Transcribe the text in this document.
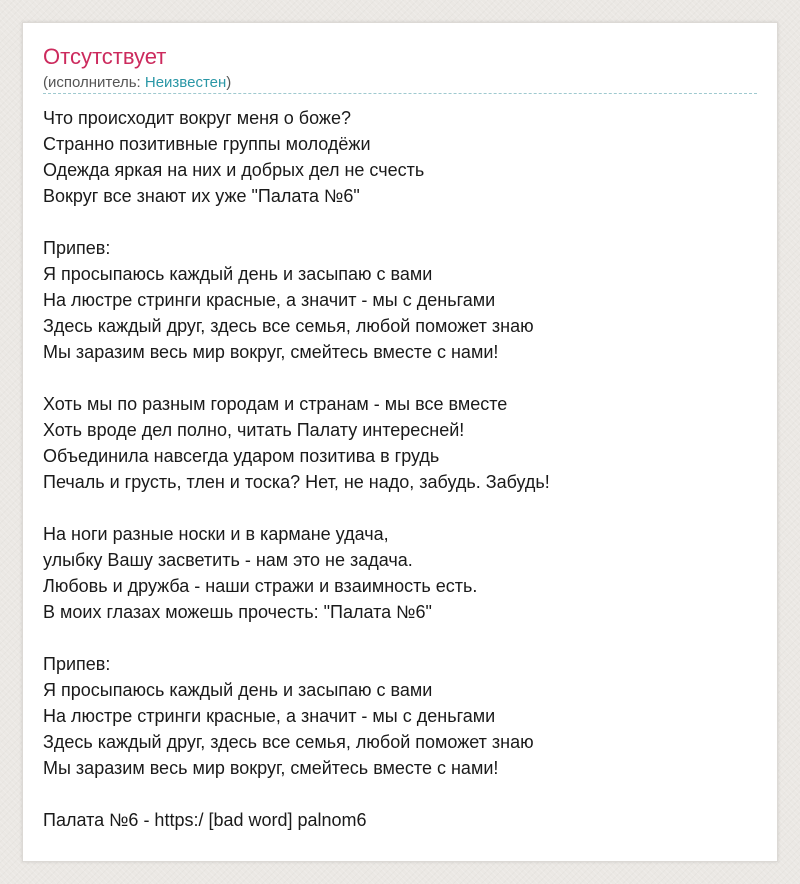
Отсутствует
(исполнитель: Неизвестен)
Что происходит вокруг меня о боже?
Странно позитивные группы молодёжи
Одежда яркая на них и добрых дел не счесть
Вокруг все знают их уже "Палата №6"
Припев:
Я просыпаюсь каждый день и засыпаю с вами
На люстре стринги красные, а значит - мы с деньгами
Здесь каждый друг, здесь все семья, любой поможет знаю
Мы заразим весь мир вокруг, смейтесь вместе с нами!
Хоть мы по разным городам и странам - мы все вместе
Хоть вроде дел полно, читать Палату интересней!
Объединила навсегда ударом позитива в грудь
Печаль и грусть, тлен и тоска? Нет, не надо, забудь. Забудь!
На ноги разные носки и в кармане удача,
улыбку Вашу засветить - нам это не задача.
Любовь и дружба - наши стражи и взаимность есть.
В моих глазах можешь прочесть: "Палата №6"
Припев:
Я просыпаюсь каждый день и засыпаю с вами
На люстре стринги красные, а значит - мы с деньгами
Здесь каждый друг, здесь все семья, любой поможет знаю
Мы заразим весь мир вокруг, смейтесь вместе с нами!
Палата №6 - https:/ [bad word] palnom6
